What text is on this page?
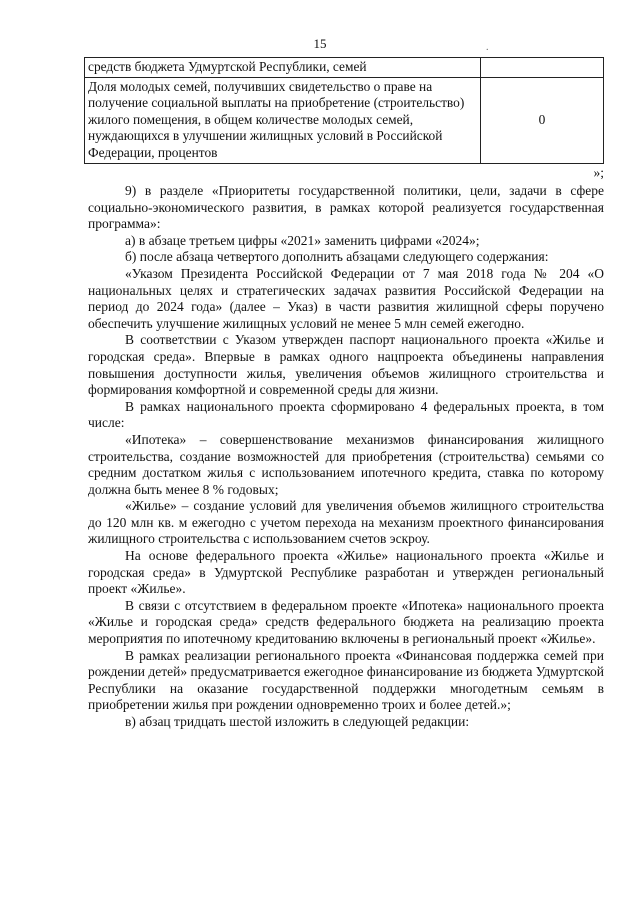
15	.
средств бюджета Удмуртской Республики, семей	
Доля молодых семей, получивших свидетельство о праве на получение социальной выплаты на приобретение (строительство) жилого помещения, в общем количестве молодых семей, нуждающихся в улучшении жилищных условий в Российской Федерации, процентов	0
»;

9) в разделе «Приоритеты государственной политики, цели, задачи в сфере социально-экономического развития, в рамках которой реализуется государственная программа»:

а) в абзаце третьем цифры «2021» заменить цифрами «2024»;

б) после абзаца четвертого дополнить абзацами следующего содержания:

«Указом Президента Российской Федерации от 7 мая 2018 года № 204 «О национальных целях и стратегических задачах развития Российской Федерации на период до 2024 года» (далее – Указ) в части развития жилищной сферы поручено обеспечить улучшение жилищных условий не менее 5 млн семей ежегодно.

В соответствии с Указом утвержден паспорт национального проекта «Жилье и городская среда». Впервые в рамках одного нацпроекта объединены направления повышения доступности жилья, увеличения объемов жилищного строительства и формирования комфортной и современной среды для жизни.

В рамках национального проекта сформировано 4 федеральных проекта, в том числе:

«Ипотека» – совершенствование механизмов финансирования жилищного строительства, создание возможностей для приобретения (строительства) семьями со средним достатком жилья с использованием ипотечного кредита, ставка по которому должна быть менее 8 % годовых;

«Жилье» – создание условий для увеличения объемов жилищного строительства до 120 млн кв. м ежегодно с учетом перехода на механизм проектного финансирования жилищного строительства с использованием счетов эскроу.

На основе федерального проекта «Жилье» национального проекта «Жилье и городская среда» в Удмуртской Республике разработан и утвержден региональный проект «Жилье».

В связи с отсутствием в федеральном проекте «Ипотека» национального проекта «Жилье и городская среда» средств федерального бюджета на реализацию проекта мероприятия по ипотечному кредитованию включены в региональный проект «Жилье».

В рамках реализации регионального проекта «Финансовая поддержка семей при рождении детей» предусматривается ежегодное финансирование из бюджета Удмуртской Республики на оказание государственной поддержки многодетным семьям в приобретении жилья при рождении одновременно троих и более детей.»;

в) абзац тридцать шестой изложить в следующей редакции:
